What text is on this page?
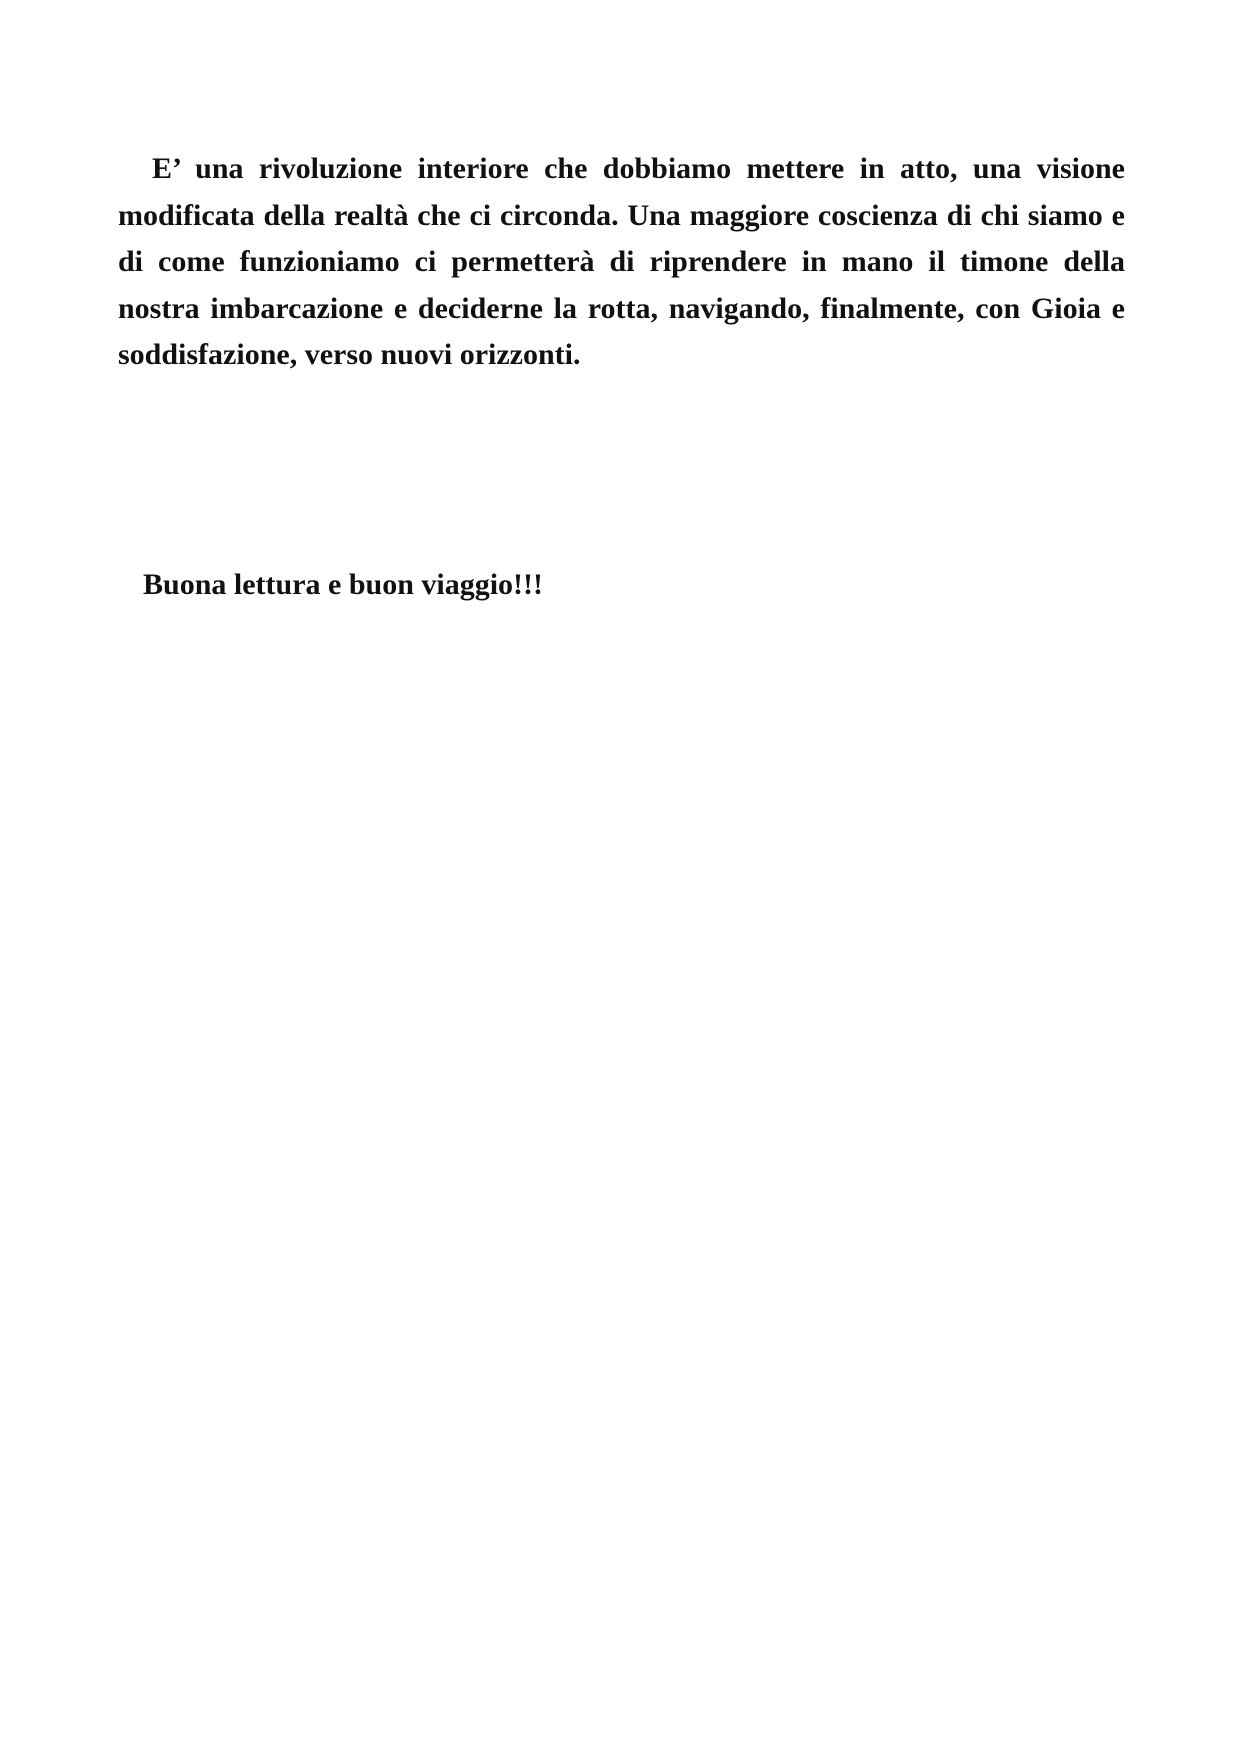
E’ una rivoluzione interiore che dobbiamo mettere in atto, una visione modificata della realtà che ci circonda. Una maggiore coscienza di chi siamo e di come funzioniamo ci permetterà di riprendere in mano il timone della nostra imbarcazione e deciderne la rotta, navigando, finalmente, con Gioia e soddisfazione, verso nuovi orizzonti.

Buona lettura e buon viaggio!!!
